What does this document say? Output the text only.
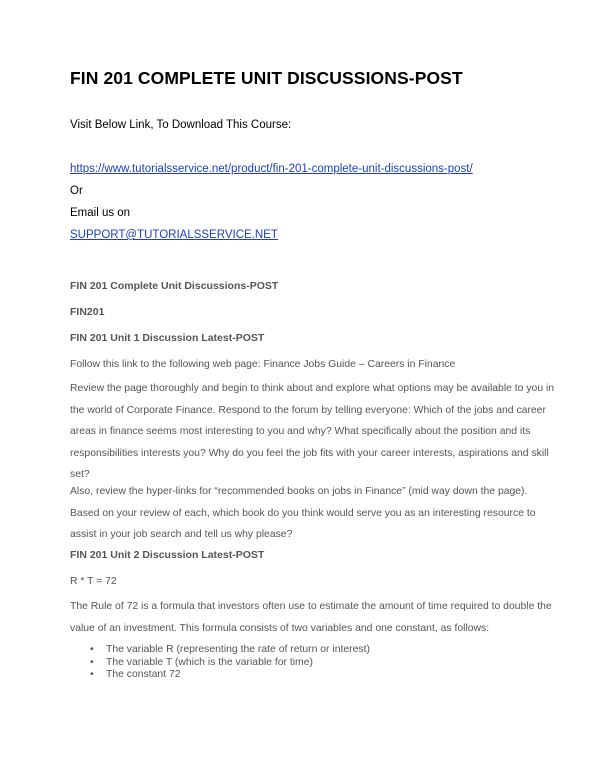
FIN 201 COMPLETE UNIT DISCUSSIONS-POST
Visit Below Link, To Download This Course:
https://www.tutorialsservice.net/product/fin-201-complete-unit-discussions-post/
Or
Email us on
SUPPORT@TUTORIALSSERVICE.NET
FIN 201 Complete Unit Discussions-POST
FIN201
FIN 201 Unit 1 Discussion Latest-POST
Follow this link to the following web page: Finance Jobs Guide – Careers in Finance
Review the page thoroughly and begin to think about and explore what options may be available to you in
the world of Corporate Finance. Respond to the forum by telling everyone: Which of the jobs and career
areas in finance seems most interesting to you and why? What specifically about the position and its
responsibilities interests you? Why do you feel the job fits with your career interests, aspirations and skill
set?
Also, review the hyper-links for “recommended books on jobs in Finance” (mid way down the page).
Based on your review of each, which book do you think would serve you as an interesting resource to
assist in your job search and tell us why please?
FIN 201 Unit 2 Discussion Latest-POST
R * T = 72
The Rule of 72 is a formula that investors often use to estimate the amount of time required to double the
value of an investment. This formula consists of two variables and one constant, as follows:
• The variable R (representing the rate of return or interest)
• The variable T (which is the variable for time)
• The constant 72
